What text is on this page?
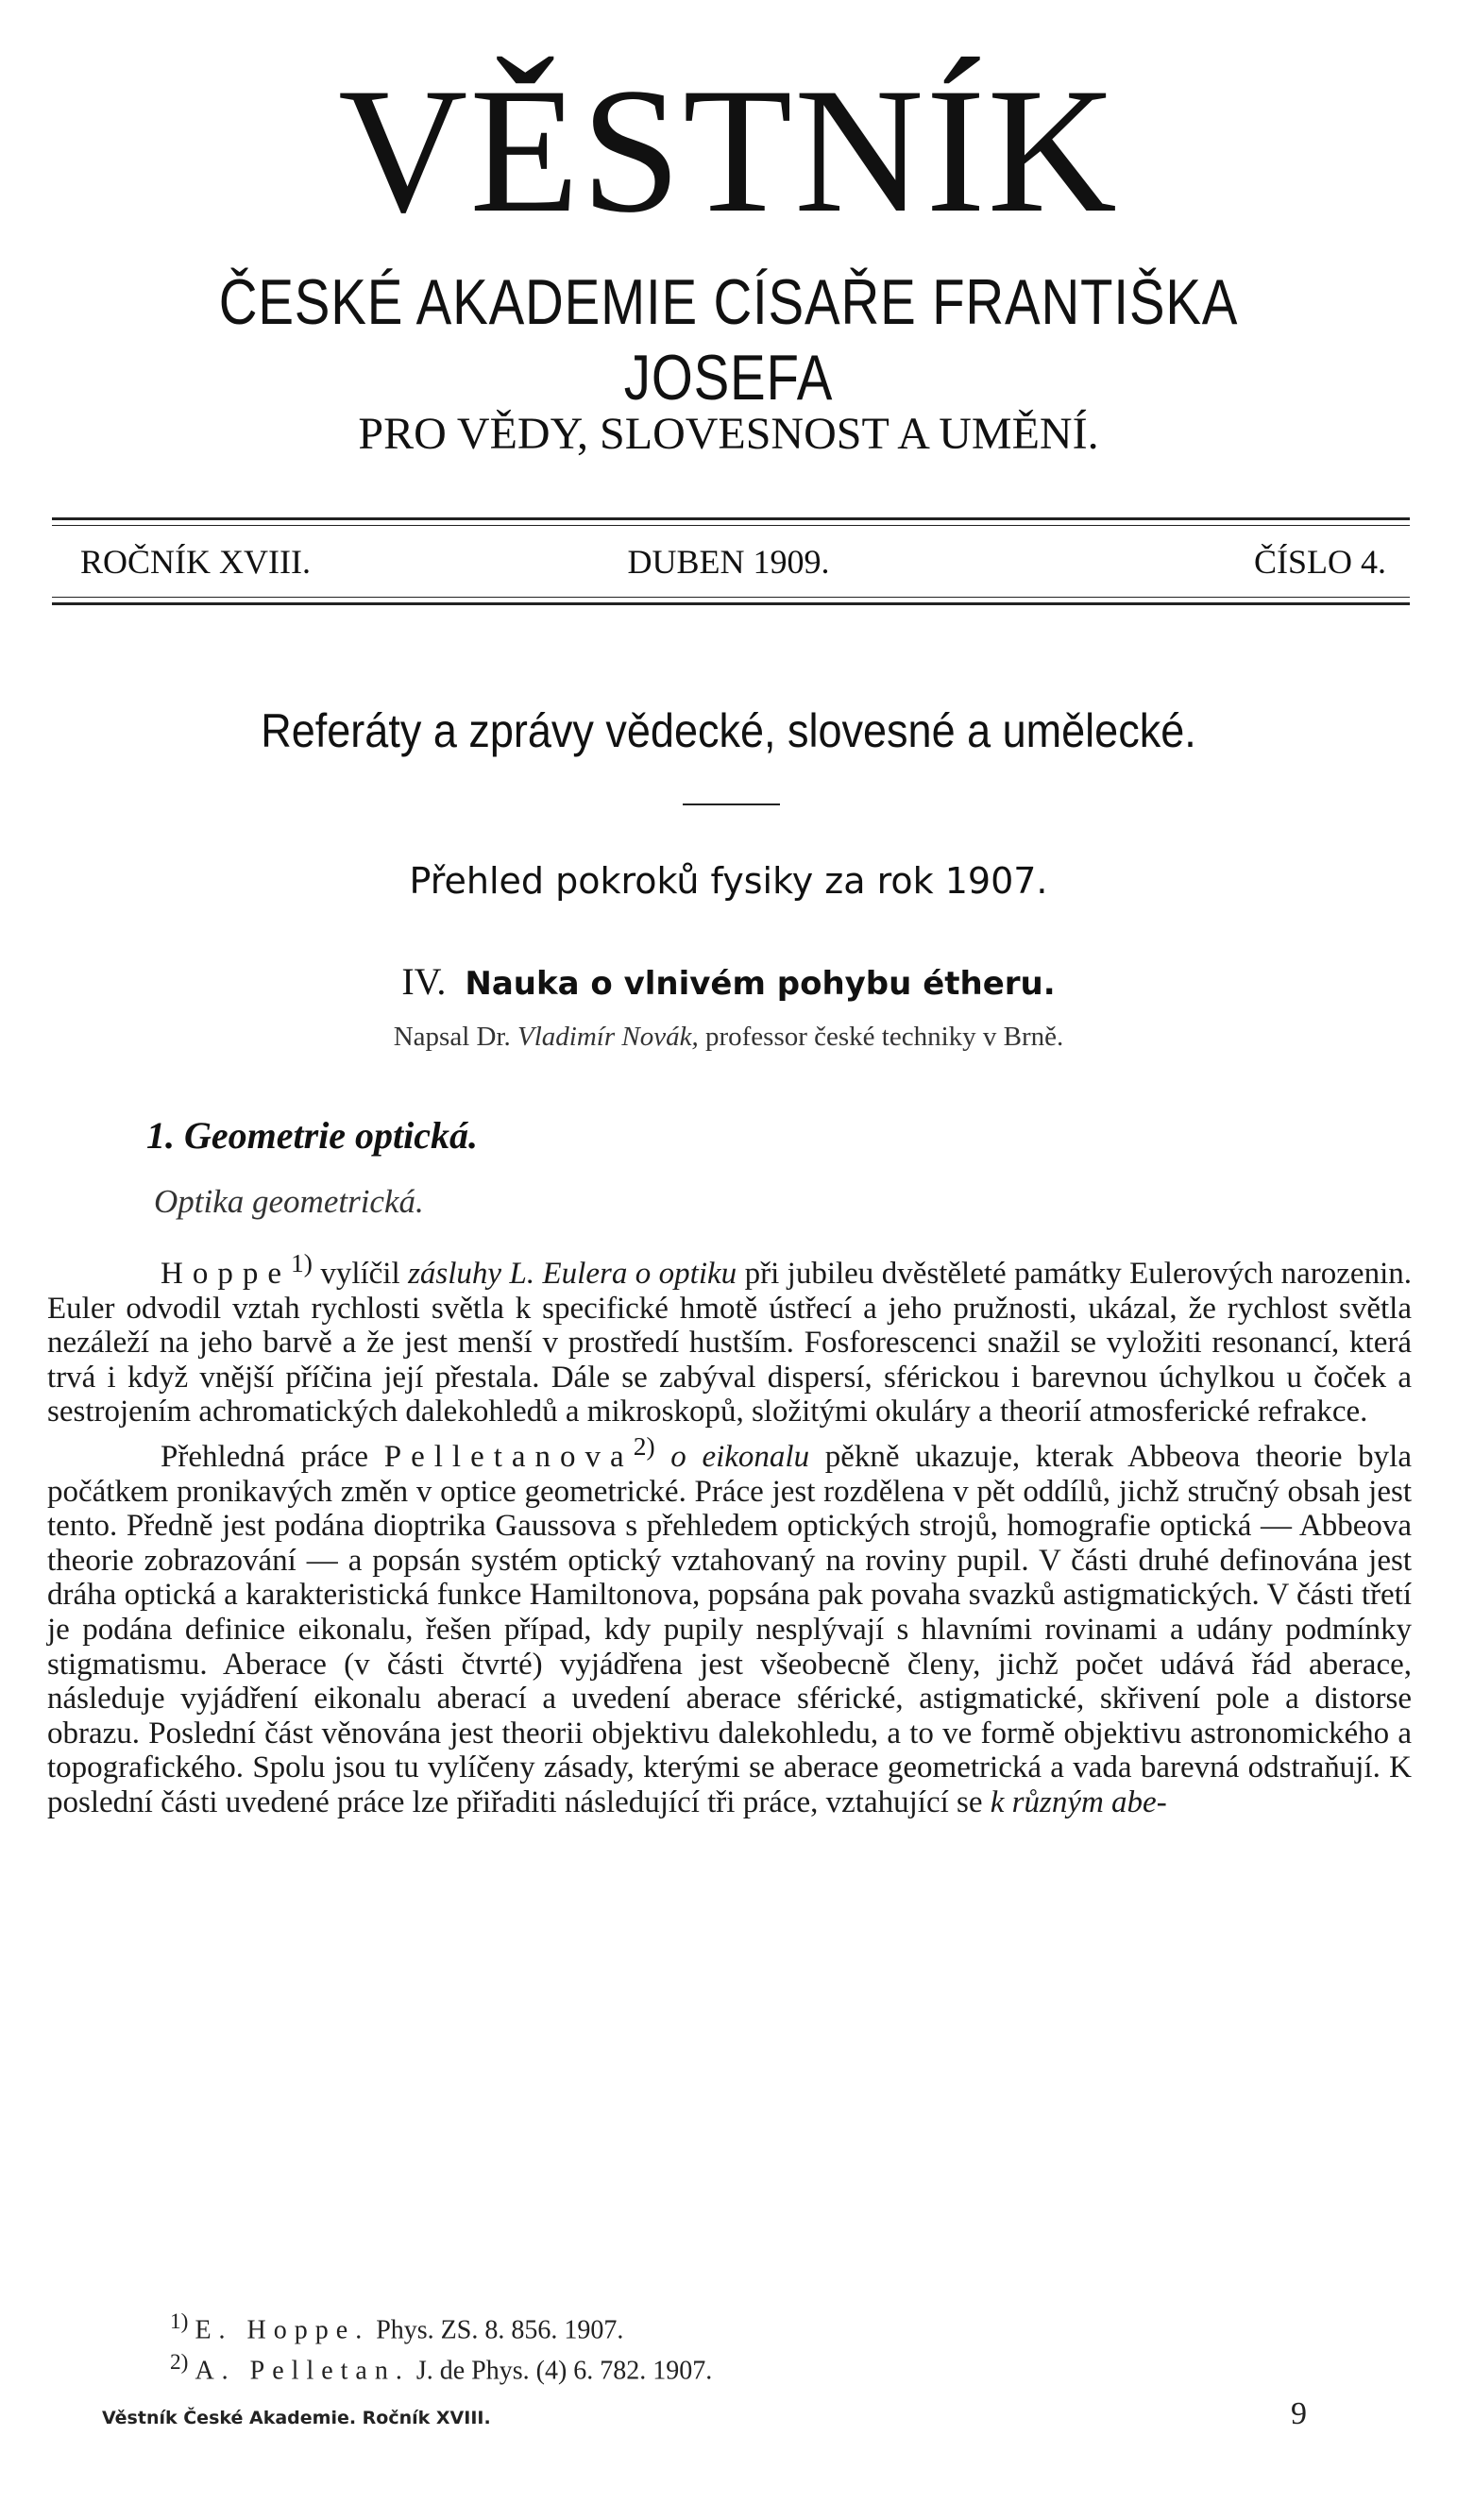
VĚSTNÍK
ČESKÉ AKADEMIE CÍSAŘE FRANTIŠKA JOSEFA
PRO VĚDY, SLOVESNOST A UMĚNÍ.
ROČNÍK XVIII.	DUBEN 1909.	ČÍSLO 4.
Referáty a zprávy vědecké, slovesné a umělecké.
Přehled pokroků fysiky za rok 1907.
IV. Nauka o vlnivém pohybu étheru.
Napsal Dr. Vladimír Novák, professor české techniky v Brně.
1. Geometrie optická.
Optika geometrická.

Hoppe$^{1)}$ vylíčil zásluhy L. Eulera o optiku při jubileu dvěstěleté památky Eulerových narozenin. Euler odvodil vztah rychlosti světla k specifické hmotě ústřecí a jeho pružnosti, ukázal, že rychlost světla nezáleží na jeho barvě a že jest menší v prostředí hustším. Fosforescenci snažil se vyložiti resonancí, která trvá i když vnější příčina její přestala. Dále se zabýval dispersí, sférickou i barevnou úchylkou u čoček a sestrojením achromatických dalekohledů a mikroskopů, složitými okuláry a theorií atmosferické refrakce.

Přehledná práce Pelletanova$^{2)}$ o eikonalu pěkně ukazuje, kterak Abbeova theorie byla počátkem pronikavých změn v optice geometrické. Práce jest rozdělena v pět oddílů, jichž stručný obsah jest tento. Předně jest podána dioptrika Gaussova s přehledem optických strojů, homografie optická — Abbeova theorie zobrazování — a popsán systém optický vztahovaný na roviny pupil. V části druhé definována jest dráha optická a karakteristická funkce Hamiltonova, popsána pak povaha svazků astigmatických. V části třetí je podána definice eikonalu, řešen případ, kdy pupily nesplývají s hlavními rovinami a udány podmínky stigmatismu. Aberace (v části čtvrté) vyjádřena jest všeobecně členy, jichž počet udává řád aberace, následuje vyjádření eikonalu aberací a uvedení aberace sférické, astigmatické, skřivení pole a distorse obrazu. Poslední část věnována jest theorii objektivu dalekohledu, a to ve formě objektivu astronomického a topografického. Spolu jsou tu vylíčeny zásady, kterými se aberace geometrická a vada barevná odstraňují. K poslední části uvedené práce lze přiřaditi následující tři práce, vztahující se k různým abe-

$^{1)}$ E. Hoppe. Phys. ZS. 8. 856. 1907.
$^{2)}$ A. Pelletan. J. de Phys. (4) 6. 782. 1907.
Věstník České Akademie. Ročník XVIII.	9
